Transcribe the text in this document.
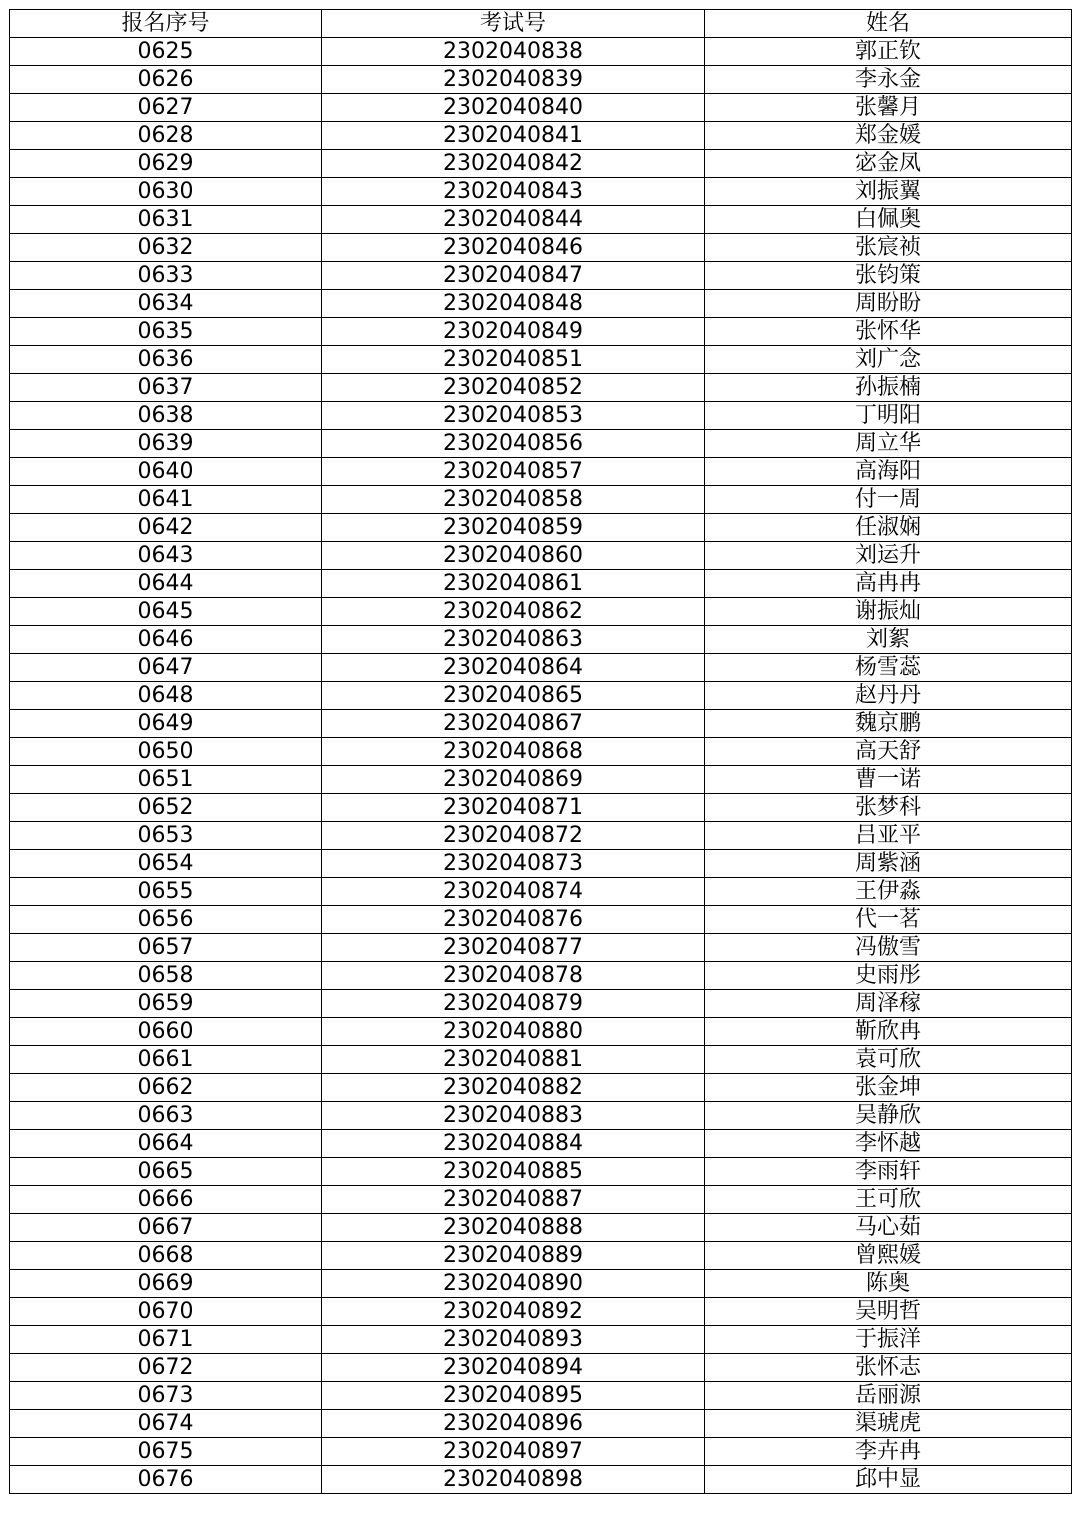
报名序号	考试号	姓名
0625	2302040838	郭正钦
0626	2302040839	李永金
0627	2302040840	张馨月
0628	2302040841	郑金媛
0629	2302040842	宓金凤
0630	2302040843	刘振翼
0631	2302040844	白佩奥
0632	2302040846	张宸祯
0633	2302040847	张钧策
0634	2302040848	周盼盼
0635	2302040849	张怀华
0636	2302040851	刘广念
0637	2302040852	孙振楠
0638	2302040853	丁明阳
0639	2302040856	周立华
0640	2302040857	高海阳
0641	2302040858	付一周
0642	2302040859	任淑娴
0643	2302040860	刘运升
0644	2302040861	高冉冉
0645	2302040862	谢振灿
0646	2302040863	刘絮
0647	2302040864	杨雪蕊
0648	2302040865	赵丹丹
0649	2302040867	魏京鹏
0650	2302040868	高天舒
0651	2302040869	曹一诺
0652	2302040871	张梦科
0653	2302040872	吕亚平
0654	2302040873	周紫涵
0655	2302040874	王伊淼
0656	2302040876	代一茗
0657	2302040877	冯傲雪
0658	2302040878	史雨彤
0659	2302040879	周泽稼
0660	2302040880	靳欣冉
0661	2302040881	袁可欣
0662	2302040882	张金坤
0663	2302040883	吴静欣
0664	2302040884	李怀越
0665	2302040885	李雨轩
0666	2302040887	王可欣
0667	2302040888	马心茹
0668	2302040889	曾熙媛
0669	2302040890	陈奥
0670	2302040892	吴明哲
0671	2302040893	于振洋
0672	2302040894	张怀志
0673	2302040895	岳丽源
0674	2302040896	渠琥虎
0675	2302040897	李卉冉
0676	2302040898	邱中显
